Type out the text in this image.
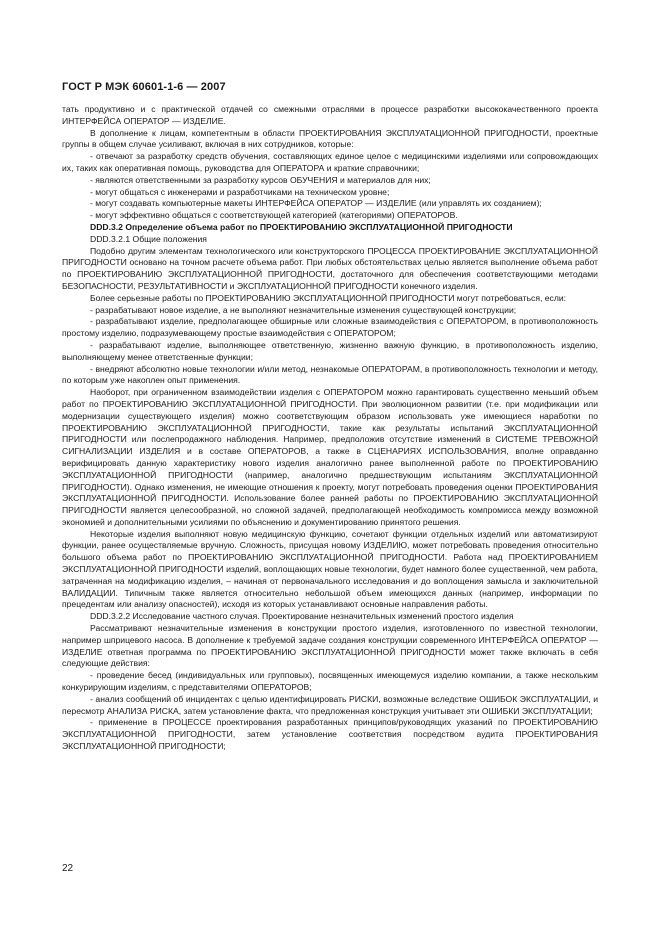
ГОСТ Р МЭК 60601-1-6 — 2007

тать продуктивно и с практической отдачей со смежными отраслями в процессе разработки высококачественного проекта ИНТЕРФЕЙСА ОПЕРАТОР — ИЗДЕЛИЕ.

В дополнение к лицам, компетентным в области ПРОЕКТИРОВАНИЯ ЭКСПЛУАТАЦИОННОЙ ПРИГОДНОСТИ, проектные группы в общем случае усиливают, включая в них сотрудников, которые:

- отвечают за разработку средств обучения, составляющих единое целое с медицинскими изделиями или сопровождающих их, таких как оперативная помощь, руководства для ОПЕРАТОРА и краткие справочники;

- являются ответственными за разработку курсов ОБУЧЕНИЯ и материалов для них;

- могут общаться с инженерами и разработчиками на техническом уровне;

- могут создавать компьютерные макеты ИНТЕРФЕЙСА ОПЕРАТОР — ИЗДЕЛИЕ (или управлять их созданием);

- могут эффективно общаться с соответствующей категорией (категориями) ОПЕРАТОРОВ.

DDD.3.2 Определение объема работ по ПРОЕКТИРОВАНИЮ ЭКСПЛУАТАЦИОННОЙ ПРИГОДНОСТИ

DDD.3.2.1 Общие положения

Подобно другим элементам технологического или конструкторского ПРОЦЕССА ПРОЕКТИРОВАНИЕ ЭКСПЛУАТАЦИОННОЙ ПРИГОДНОСТИ основано на точном расчете объема работ. При любых обстоятельствах целью является выполнение объема работ по ПРОЕКТИРОВАНИЮ ЭКСПЛУАТАЦИОННОЙ ПРИГОДНОСТИ, достаточного для обеспечения соответствующими методами БЕЗОПАСНОСТИ, РЕЗУЛЬТАТИВНОСТИ и ЭКСПЛУАТАЦИОННОЙ ПРИГОДНОСТИ конечного изделия.

Более серьезные работы по ПРОЕКТИРОВАНИЮ ЭКСПЛУАТАЦИОННОЙ ПРИГОДНОСТИ могут потребоваться, если:

- разрабатывают новое изделие, а не выполняют незначительные изменения существующей конструкции;

- разрабатывают изделие, предполагающее обширные или сложные взаимодействия с ОПЕРАТОРОМ, в противоположность простому изделию, подразумевающему простые взаимодействия с ОПЕРАТОРОМ;

- разрабатывают изделие, выполняющее ответственную, жизненно важную функцию, в противоположность изделию, выполняющему менее ответственные функции;

- внедряют абсолютно новые технологии и/или метод, незнакомые ОПЕРАТОРАМ, в противоположность технологии и методу, по которым уже накоплен опыт применения.

Наоборот, при ограниченном взаимодействии изделия с ОПЕРАТОРОМ можно гарантировать существенно меньший объем работ по ПРОЕКТИРОВАНИЮ ЭКСПЛУАТАЦИОННОЙ ПРИГОДНОСТИ. При эволюционном развитии (т.е. при модификации или модернизации существующего изделия) можно соответствующим образом использовать уже имеющиеся наработки по ПРОЕКТИРОВАНИЮ ЭКСПЛУАТАЦИОННОЙ ПРИГОДНОСТИ, такие как результаты испытаний ЭКСПЛУАТАЦИОННОЙ ПРИГОДНОСТИ или послепродажного наблюдения. Например, предположив отсутствие изменений в СИСТЕМЕ ТРЕВОЖНОЙ СИГНАЛИЗАЦИИ ИЗДЕЛИЯ и в составе ОПЕРАТОРОВ, а также в СЦЕНАРИЯХ ИСПОЛЬЗОВАНИЯ, вполне оправданно верифицировать данную характеристику нового изделия аналогично ранее выполненной работе по ПРОЕКТИРОВАНИЮ ЭКСПЛУАТАЦИОННОЙ ПРИГОДНОСТИ (например, аналогично предшествующим испытаниям ЭКСПЛУАТАЦИОННОЙ ПРИГОДНОСТИ). Однако изменения, не имеющие отношения к проекту, могут потребовать проведения оценки ПРОЕКТИРОВАНИЯ ЭКСПЛУАТАЦИОННОЙ ПРИГОДНОСТИ. Использование более ранней работы по ПРОЕКТИРОВАНИЮ ЭКСПЛУАТАЦИОННОЙ ПРИГОДНОСТИ является целесообразной, но сложной задачей, предполагающей необходимость компромисса между возможной экономией и дополнительными усилиями по объяснению и документированию принятого решения.

Некоторые изделия выполняют новую медицинскую функцию, сочетают функции отдельных изделий или автоматизируют функции, ранее осуществляемые вручную. Сложность, присущая новому ИЗДЕЛИЮ, может потребовать проведения относительно большого объема работ по ПРОЕКТИРОВАНИЮ ЭКСПЛУАТАЦИОННОЙ ПРИГОДНОСТИ. Работа над ПРОЕКТИРОВАНИЕМ ЭКСПЛУАТАЦИОННОЙ ПРИГОДНОСТИ изделий, воплощающих новые технологии, будет намного более существенной, чем работа, затраченная на модификацию изделия, – начиная от первоначального исследования и до воплощения замысла и заключительной ВАЛИДАЦИИ. Типичным также является относительно небольшой объем имеющихся данных (например, информации по прецедентам или анализу опасностей), исходя из которых устанавливают основные направления работы.

DDD.3.2.2 Исследование частного случая. Проектирование незначительных изменений простого изделия

Рассматривают незначительные изменения в конструкции простого изделия, изготовленного по известной технологии, например шприцевого насоса. В дополнение к требуемой задаче создания конструкции современного ИНТЕРФЕЙСА ОПЕРАТОР — ИЗДЕЛИЕ ответная программа по ПРОЕКТИРОВАНИЮ ЭКСПЛУАТАЦИОННОЙ ПРИГОДНОСТИ может также включать в себя следующие действия:

- проведение бесед (индивидуальных или групповых), посвященных имеющемуся изделию компании, а также нескольким конкурирующим изделиям, с представителями ОПЕРАТОРОВ;

- анализ сообщений об инцидентах с целью идентифицировать РИСКИ, возможные вследствие ОШИБОК ЭКСПЛУАТАЦИИ, и пересмотр АНАЛИЗА РИСКА, затем установление факта, что предложенная конструкция учитывает эти ОШИБКИ ЭКСПЛУАТАЦИИ;

- применение в ПРОЦЕССЕ проектирования разработанных принципов/руководящих указаний по ПРОЕКТИРОВАНИЮ ЭКСПЛУАТАЦИОННОЙ ПРИГОДНОСТИ, затем установление соответствия посредством аудита ПРОЕКТИРОВАНИЯ ЭКСПЛУАТАЦИОННОЙ ПРИГОДНОСТИ;

22
